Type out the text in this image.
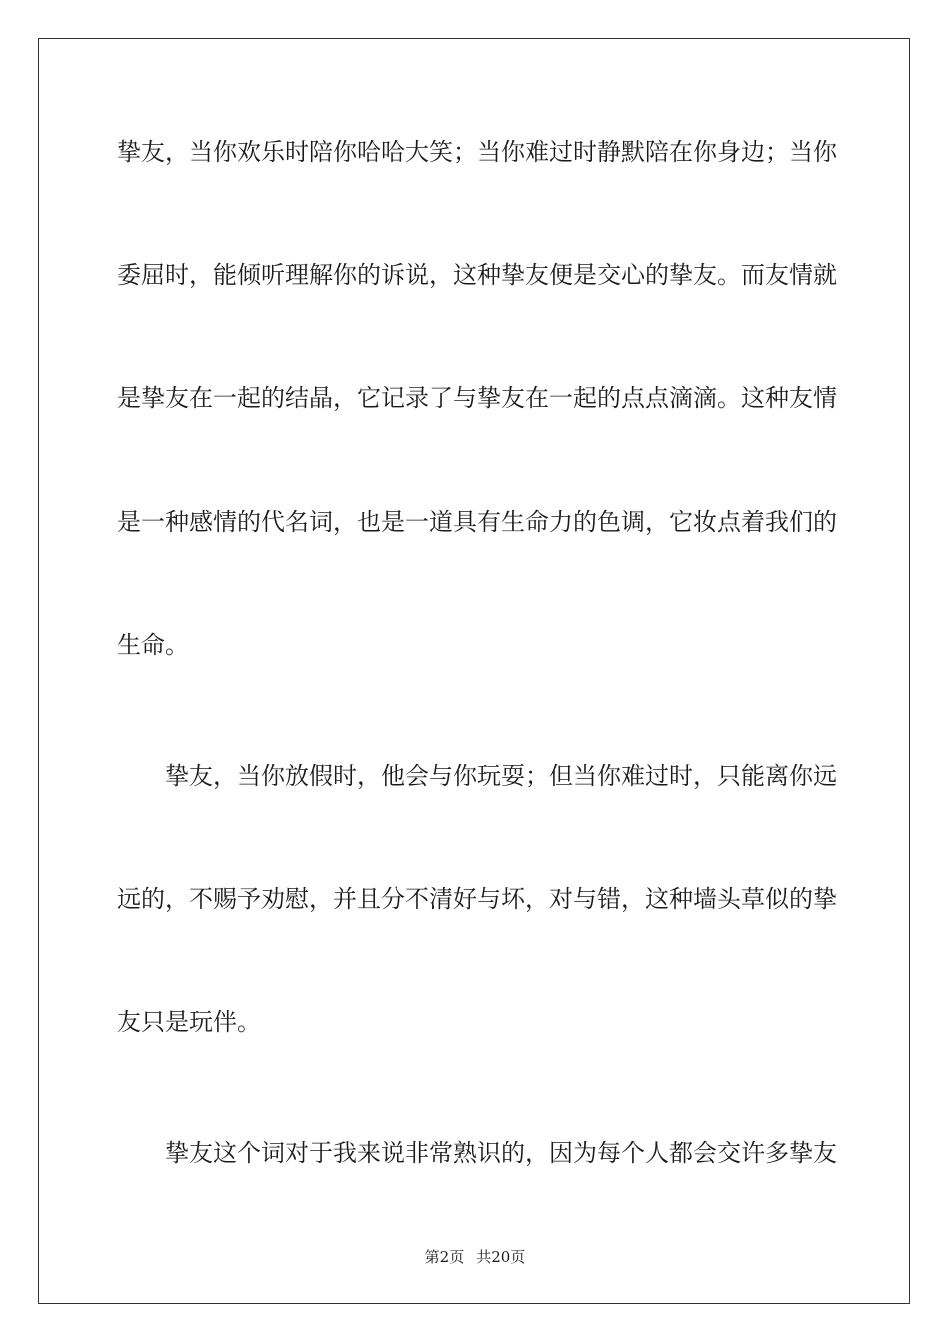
挚友，当你欢乐时陪你哈哈大笑；当你难过时静默陪在你身边；当你
委屈时，能倾听理解你的诉说，这种挚友便是交心的挚友。而友情就
是挚友在一起的结晶，它记录了与挚友在一起的点点滴滴。这种友情
是一种感情的代名词，也是一道具有生命力的色调，它妆点着我们的
生命。
　　挚友，当你放假时，他会与你玩耍；但当你难过时，只能离你远
远的，不赐予劝慰，并且分不清好与坏，对与错，这种墙头草似的挚
友只是玩伴。
　　挚友这个词对于我来说非常熟识的，因为每个人都会交许多挚友
第2页 共20页
